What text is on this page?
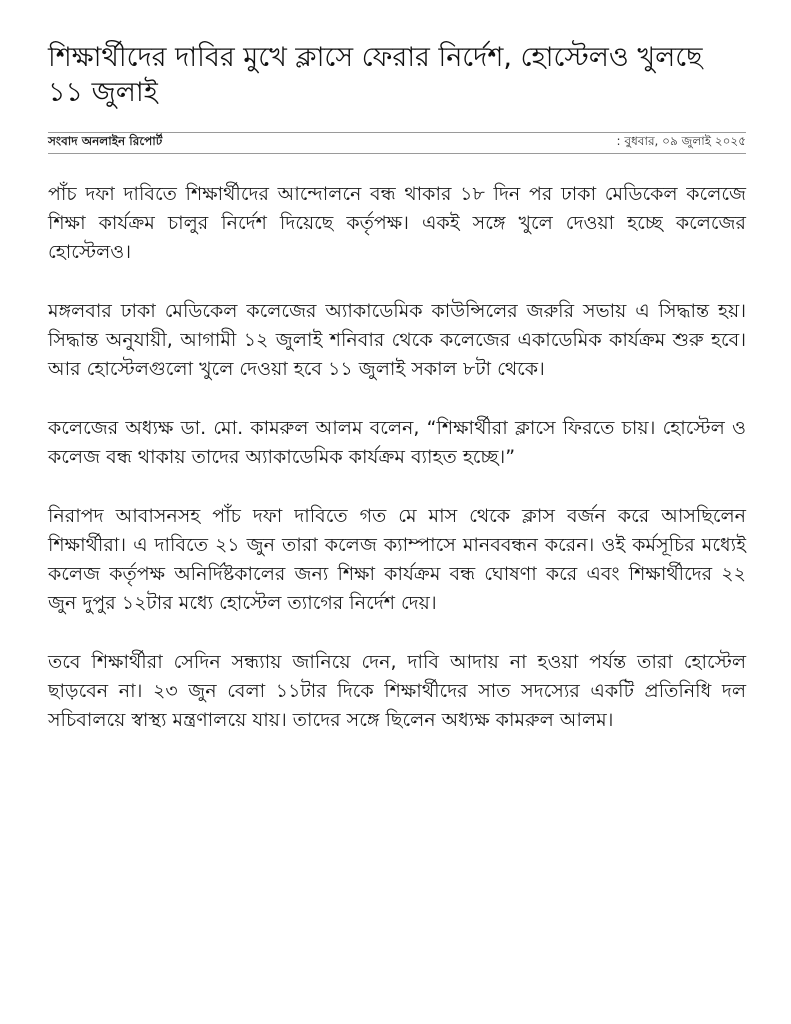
শিক্ষার্থীদের দাবির মুখে ক্লাসে ফেরার নির্দেশ, হোস্টেলও খুলছে ১১ জুলাই
সংবাদ অনলাইন রিপোর্ট	: বুধবার, ০৯ জুলাই ২০২৫

পাঁচ দফা দাবিতে শিক্ষার্থীদের আন্দোলনে বন্ধ থাকার ১৮ দিন পর ঢাকা মেডিকেল কলেজে শিক্ষা কার্যক্রম চালুর নির্দেশ দিয়েছে কর্তৃপক্ষ। একই সঙ্গে খুলে দেওয়া হচ্ছে কলেজের হোস্টেলও।

মঙ্গলবার ঢাকা মেডিকেল কলেজের অ্যাকাডেমিক কাউন্সিলের জরুরি সভায় এ সিদ্ধান্ত হয়। সিদ্ধান্ত অনুযায়ী, আগামী ১২ জুলাই শনিবার থেকে কলেজের একাডেমিক কার্যক্রম শুরু হবে। আর হোস্টেলগুলো খুলে দেওয়া হবে ১১ জুলাই সকাল ৮টা থেকে।

কলেজের অধ্যক্ষ ডা. মো. কামরুল আলম বলেন, “শিক্ষার্থীরা ক্লাসে ফিরতে চায়। হোস্টেল ও কলেজ বন্ধ থাকায় তাদের অ্যাকাডেমিক কার্যক্রম ব্যাহত হচ্ছে।”

নিরাপদ আবাসনসহ পাঁচ দফা দাবিতে গত মে মাস থেকে ক্লাস বর্জন করে আসছিলেন শিক্ষার্থীরা। এ দাবিতে ২১ জুন তারা কলেজ ক্যাম্পাসে মানববন্ধন করেন। ওই কর্মসূচির মধ্যেই কলেজ কর্তৃপক্ষ অনির্দিষ্টকালের জন্য শিক্ষা কার্যক্রম বন্ধ ঘোষণা করে এবং শিক্ষার্থীদের ২২ জুন দুপুর ১২টার মধ্যে হোস্টেল ত্যাগের নির্দেশ দেয়।

তবে শিক্ষার্থীরা সেদিন সন্ধ্যায় জানিয়ে দেন, দাবি আদায় না হওয়া পর্যন্ত তারা হোস্টেল ছাড়বেন না। ২৩ জুন বেলা ১১টার দিকে শিক্ষার্থীদের সাত সদস্যের একটি প্রতিনিধি দল সচিবালয়ে স্বাস্থ্য মন্ত্রণালয়ে যায়। তাদের সঙ্গে ছিলেন অধ্যক্ষ কামরুল আলম।
